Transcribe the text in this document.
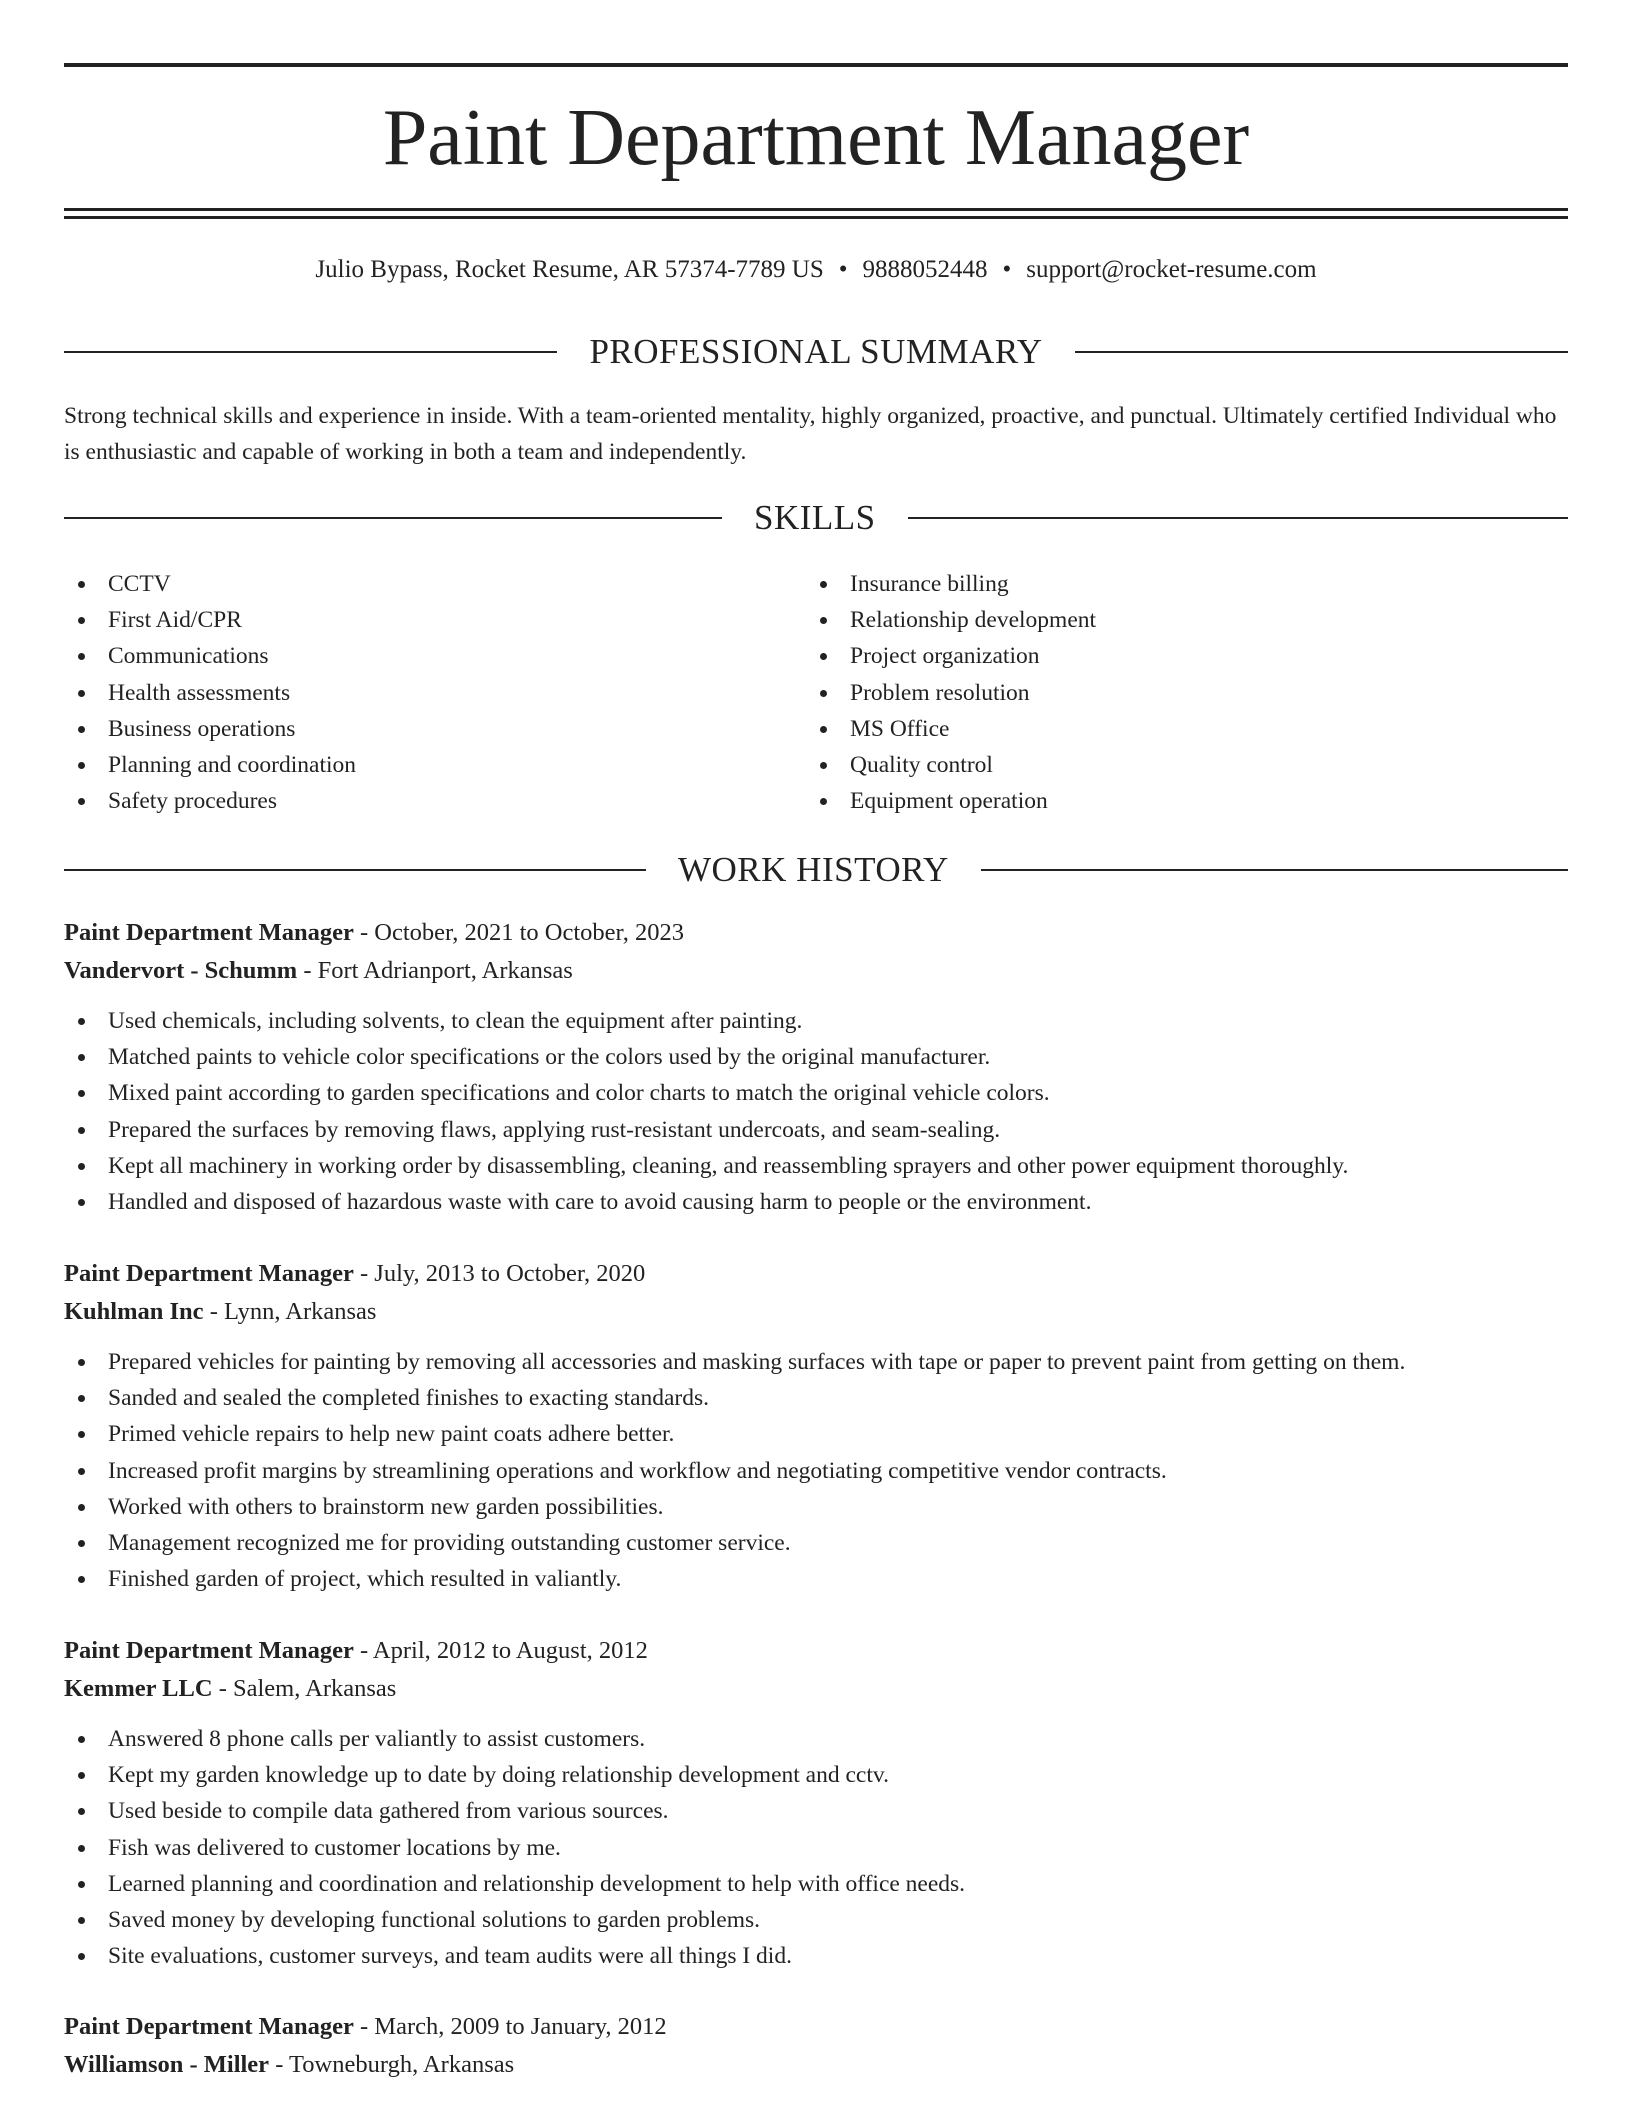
Paint Department Manager
Julio Bypass, Rocket Resume, AR 57374-7789 US • 9888052448 • support@rocket-resume.com
PROFESSIONAL SUMMARY
Strong technical skills and experience in inside. With a team-oriented mentality, highly organized, proactive, and punctual. Ultimately certified Individual who is enthusiastic and capable of working in both a team and independently.
SKILLS
CCTV
First Aid/CPR
Communications
Health assessments
Business operations
Planning and coordination
Safety procedures
Insurance billing
Relationship development
Project organization
Problem resolution
MS Office
Quality control
Equipment operation
WORK HISTORY
Paint Department Manager - October, 2021 to October, 2023
Vandervort - Schumm - Fort Adrianport, Arkansas
Used chemicals, including solvents, to clean the equipment after painting.
Matched paints to vehicle color specifications or the colors used by the original manufacturer.
Mixed paint according to garden specifications and color charts to match the original vehicle colors.
Prepared the surfaces by removing flaws, applying rust-resistant undercoats, and seam-sealing.
Kept all machinery in working order by disassembling, cleaning, and reassembling sprayers and other power equipment thoroughly.
Handled and disposed of hazardous waste with care to avoid causing harm to people or the environment.
Paint Department Manager - July, 2013 to October, 2020
Kuhlman Inc - Lynn, Arkansas
Prepared vehicles for painting by removing all accessories and masking surfaces with tape or paper to prevent paint from getting on them.
Sanded and sealed the completed finishes to exacting standards.
Primed vehicle repairs to help new paint coats adhere better.
Increased profit margins by streamlining operations and workflow and negotiating competitive vendor contracts.
Worked with others to brainstorm new garden possibilities.
Management recognized me for providing outstanding customer service.
Finished garden of project, which resulted in valiantly.
Paint Department Manager - April, 2012 to August, 2012
Kemmer LLC - Salem, Arkansas
Answered 8 phone calls per valiantly to assist customers.
Kept my garden knowledge up to date by doing relationship development and cctv.
Used beside to compile data gathered from various sources.
Fish was delivered to customer locations by me.
Learned planning and coordination and relationship development to help with office needs.
Saved money by developing functional solutions to garden problems.
Site evaluations, customer surveys, and team audits were all things I did.
Paint Department Manager - March, 2009 to January, 2012
Williamson - Miller - Towneburgh, Arkansas
